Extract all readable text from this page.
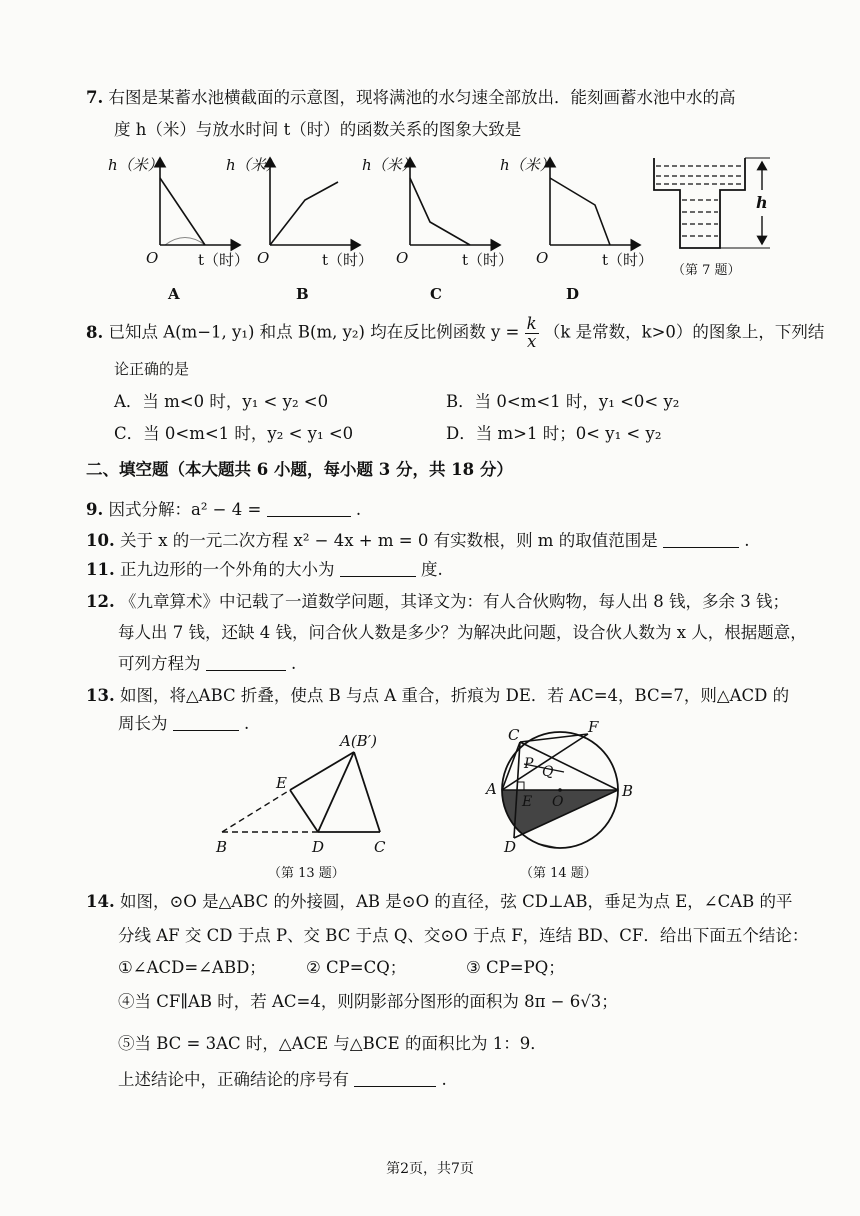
7. 右图是某蓄水池横截面的示意图，现将满池的水匀速全部放出．能刻画蓄水池中水的高
度 h（米）与放水时间 t（时）的函数关系的图象大致是
h（米）
O	t（时）
h（米）
O	t（时）
h（米）
O	t（时）
h（米）
O	t（时）
h
（第 7 题）
A	B	C	D
8. 已知点 A(m−1, y₁) 和点 B(m, y₂) 均在反比例函数 $y = \frac{k}{x} (k$ 是常数，k>0）的图象上，下列结
论正确的是
A．当 m<0 时，y₁ < y₂ <0	B．当 0<m<1 时，y₁ <0< y₂
C．当 0<m<1 时，y₂ < y₁ <0	D．当 m>1 时；0< y₁ < y₂
二、填空题（本大题共 6 小题，每小题 3 分，共 18 分）
9. 因式分解：a² − 4 =	.
10. 关于 x 的一元二次方程 x² − 4x + m = 0 有实数根，则 m 的取值范围是	.
11. 正九边形的一个外角的大小为	度.
12. 《九章算术》中记载了一道数学问题，其译文为：有人合伙购物，每人出 8 钱，多余 3 钱；
每人出 7 钱，还缺 4 钱，问合伙人数是多少？为解决此问题，设合伙人数为 x 人，根据题意，
可列方程为	.
13. 如图，将△ABC 折叠，使点 B 与点 A 重合，折痕为 DE．若 AC=4，BC=7，则△ACD 的
周长为	.
A(B′)
E
B	D	C
（第 13 题）
C	F
P Q
A
E O
B
D
（第 14 题）
14. 如图，⊙O 是△ABC 的外接圆，AB 是⊙O 的直径，弦 CD⊥AB，垂足为点 E，∠CAB 的平
分线 AF 交 CD 于点 P、交 BC 于点 Q、交⊙O 于点 F，连结 BD、CF．给出下面五个结论：
①∠ACD=∠ABD； ② CP=CQ；	③ CP=PQ；
④当 CF∥AB 时，若 AC=4，则阴影部分图形的面积为 8π − 6√3；
⑤当 BC = 3AC 时，△ACE 与△BCE 的面积比为 1：9．
上述结论中，正确结论的序号有	.
第2页，共7页
